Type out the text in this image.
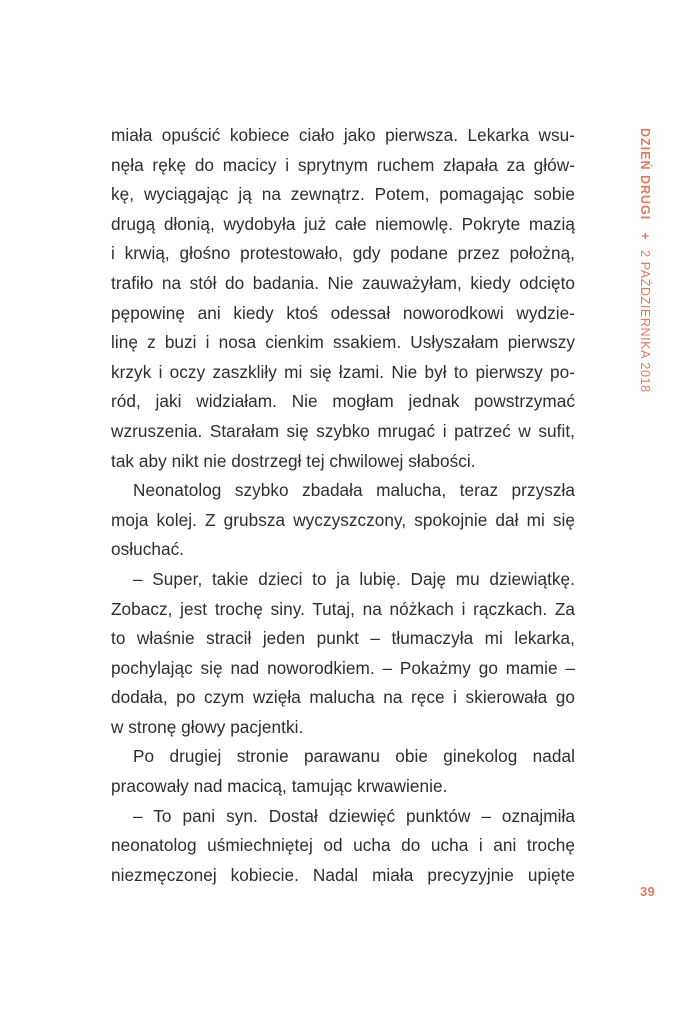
miała opuścić kobiece ciało jako pierwsza. Lekarka wsu-
nęła rękę do macicy i sprytnym ruchem złapała za głów-
kę, wyciągając ją na zewnątrz. Potem, pomagając sobie
drugą dłonią, wydobyła już całe niemowlę. Pokryte mazią
i krwią, głośno protestowało, gdy podane przez położną,
trafiło na stół do badania. Nie zauważyłam, kiedy odcięto
pępowinę ani kiedy ktoś odessał noworodkowi wydzie-
linę z buzi i nosa cienkim ssakiem. Usłyszałam pierwszy
krzyk i oczy zaszkliły mi się łzami. Nie był to pierwszy po-
ród, jaki widziałam. Nie mogłam jednak powstrzymać
wzruszenia. Starałam się szybko mrugać i patrzeć w sufit,
tak aby nikt nie dostrzegł tej chwilowej słabości.
Neonatolog szybko zbadała malucha, teraz przyszła
moja kolej. Z grubsza wyczyszczony, spokojnie dał mi się
osłuchać.
– Super, takie dzieci to ja lubię. Daję mu dziewiątkę.
Zobacz, jest trochę siny. Tutaj, na nóżkach i rączkach. Za
to właśnie stracił jeden punkt – tłumaczyła mi lekarka,
pochylając się nad noworodkiem. – Pokażmy go mamie –
dodała, po czym wzięła malucha na ręce i skierowała go
w stronę głowy pacjentki.
Po drugiej stronie parawanu obie ginekolog nadal
pracowały nad macicą, tamując krwawienie.
– To pani syn. Dostał dziewięć punktów – oznajmiła
neonatolog uśmiechniętej od ucha do ucha i ani trochę
niezmęczonej kobiecie. Nadal miała precyzyjnie upięte
DZIEŃ DRUGI+2 PAŹDZIERNIKA 2018
39
